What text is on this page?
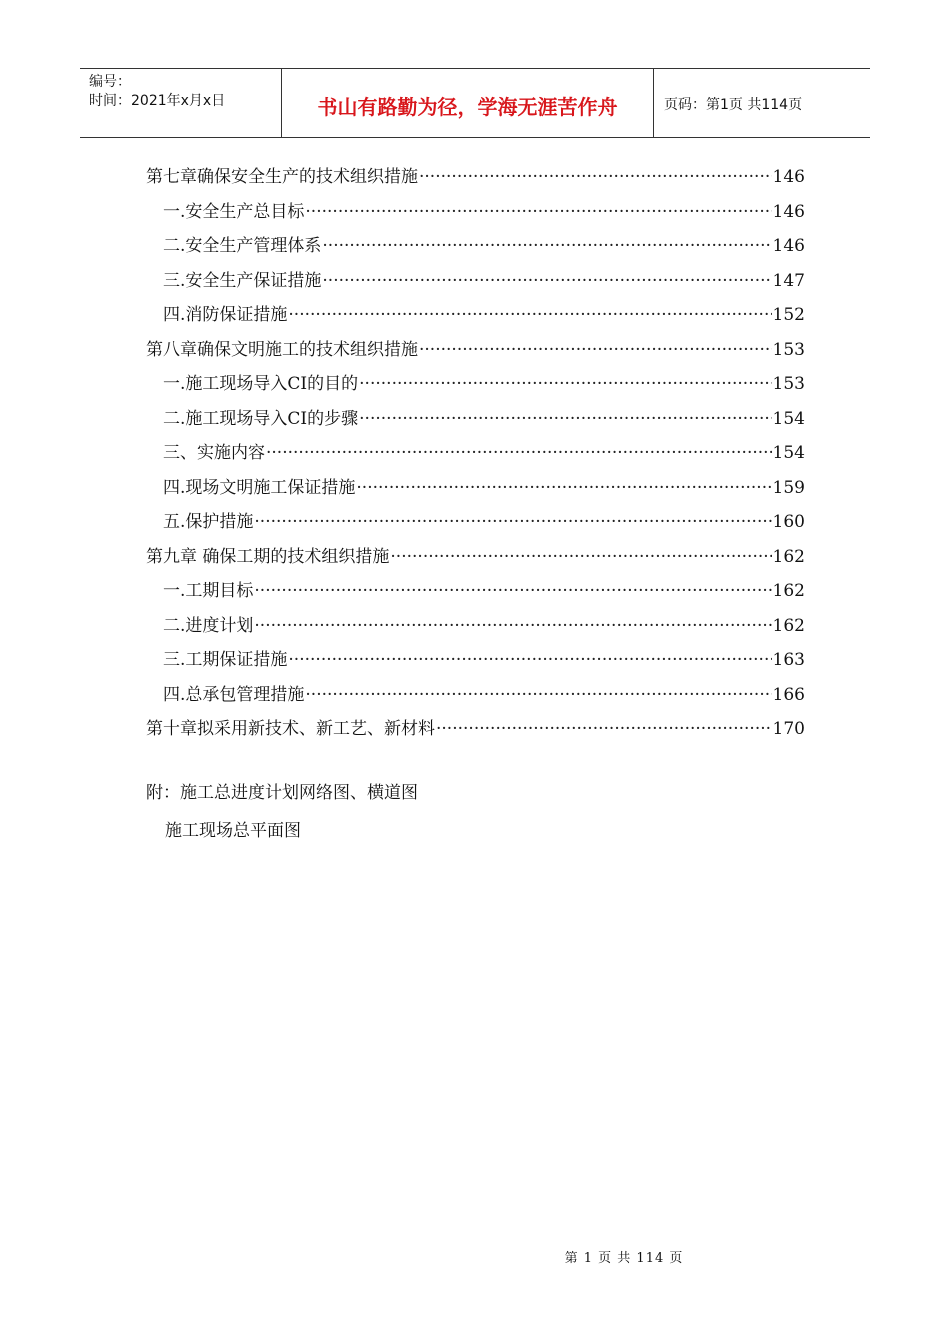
编号：
时间：2021年x月x日	书山有路勤为径，学海无涯苦作舟	页码：第1页 共114页
第七章确保安全生产的技术组织措施 ·····	146
一.安全生产总目标 ·····	146
二.安全生产管理体系 ·····	146
三.安全生产保证措施 ·····	147
四.消防保证措施 ·····	152
第八章确保文明施工的技术组织措施 ·····	153
一.施工现场导入CI的目的 ·····	153
二.施工现场导入CI的步骤 ·····	154
三、实施内容 ·····	154
四.现场文明施工保证措施 ·····	159
五.保护措施 ·····	160
第九章 确保工期的技术组织措施 ·····	162
一.工期目标 ·····	162
二.进度计划 ·····	162
三.工期保证措施 ·····	163
四.总承包管理措施 ·····	166
第十章拟采用新技术、新工艺、新材料 ·····	170
附：施工总进度计划网络图、横道图
施工现场总平面图
第 1 页 共 114 页
